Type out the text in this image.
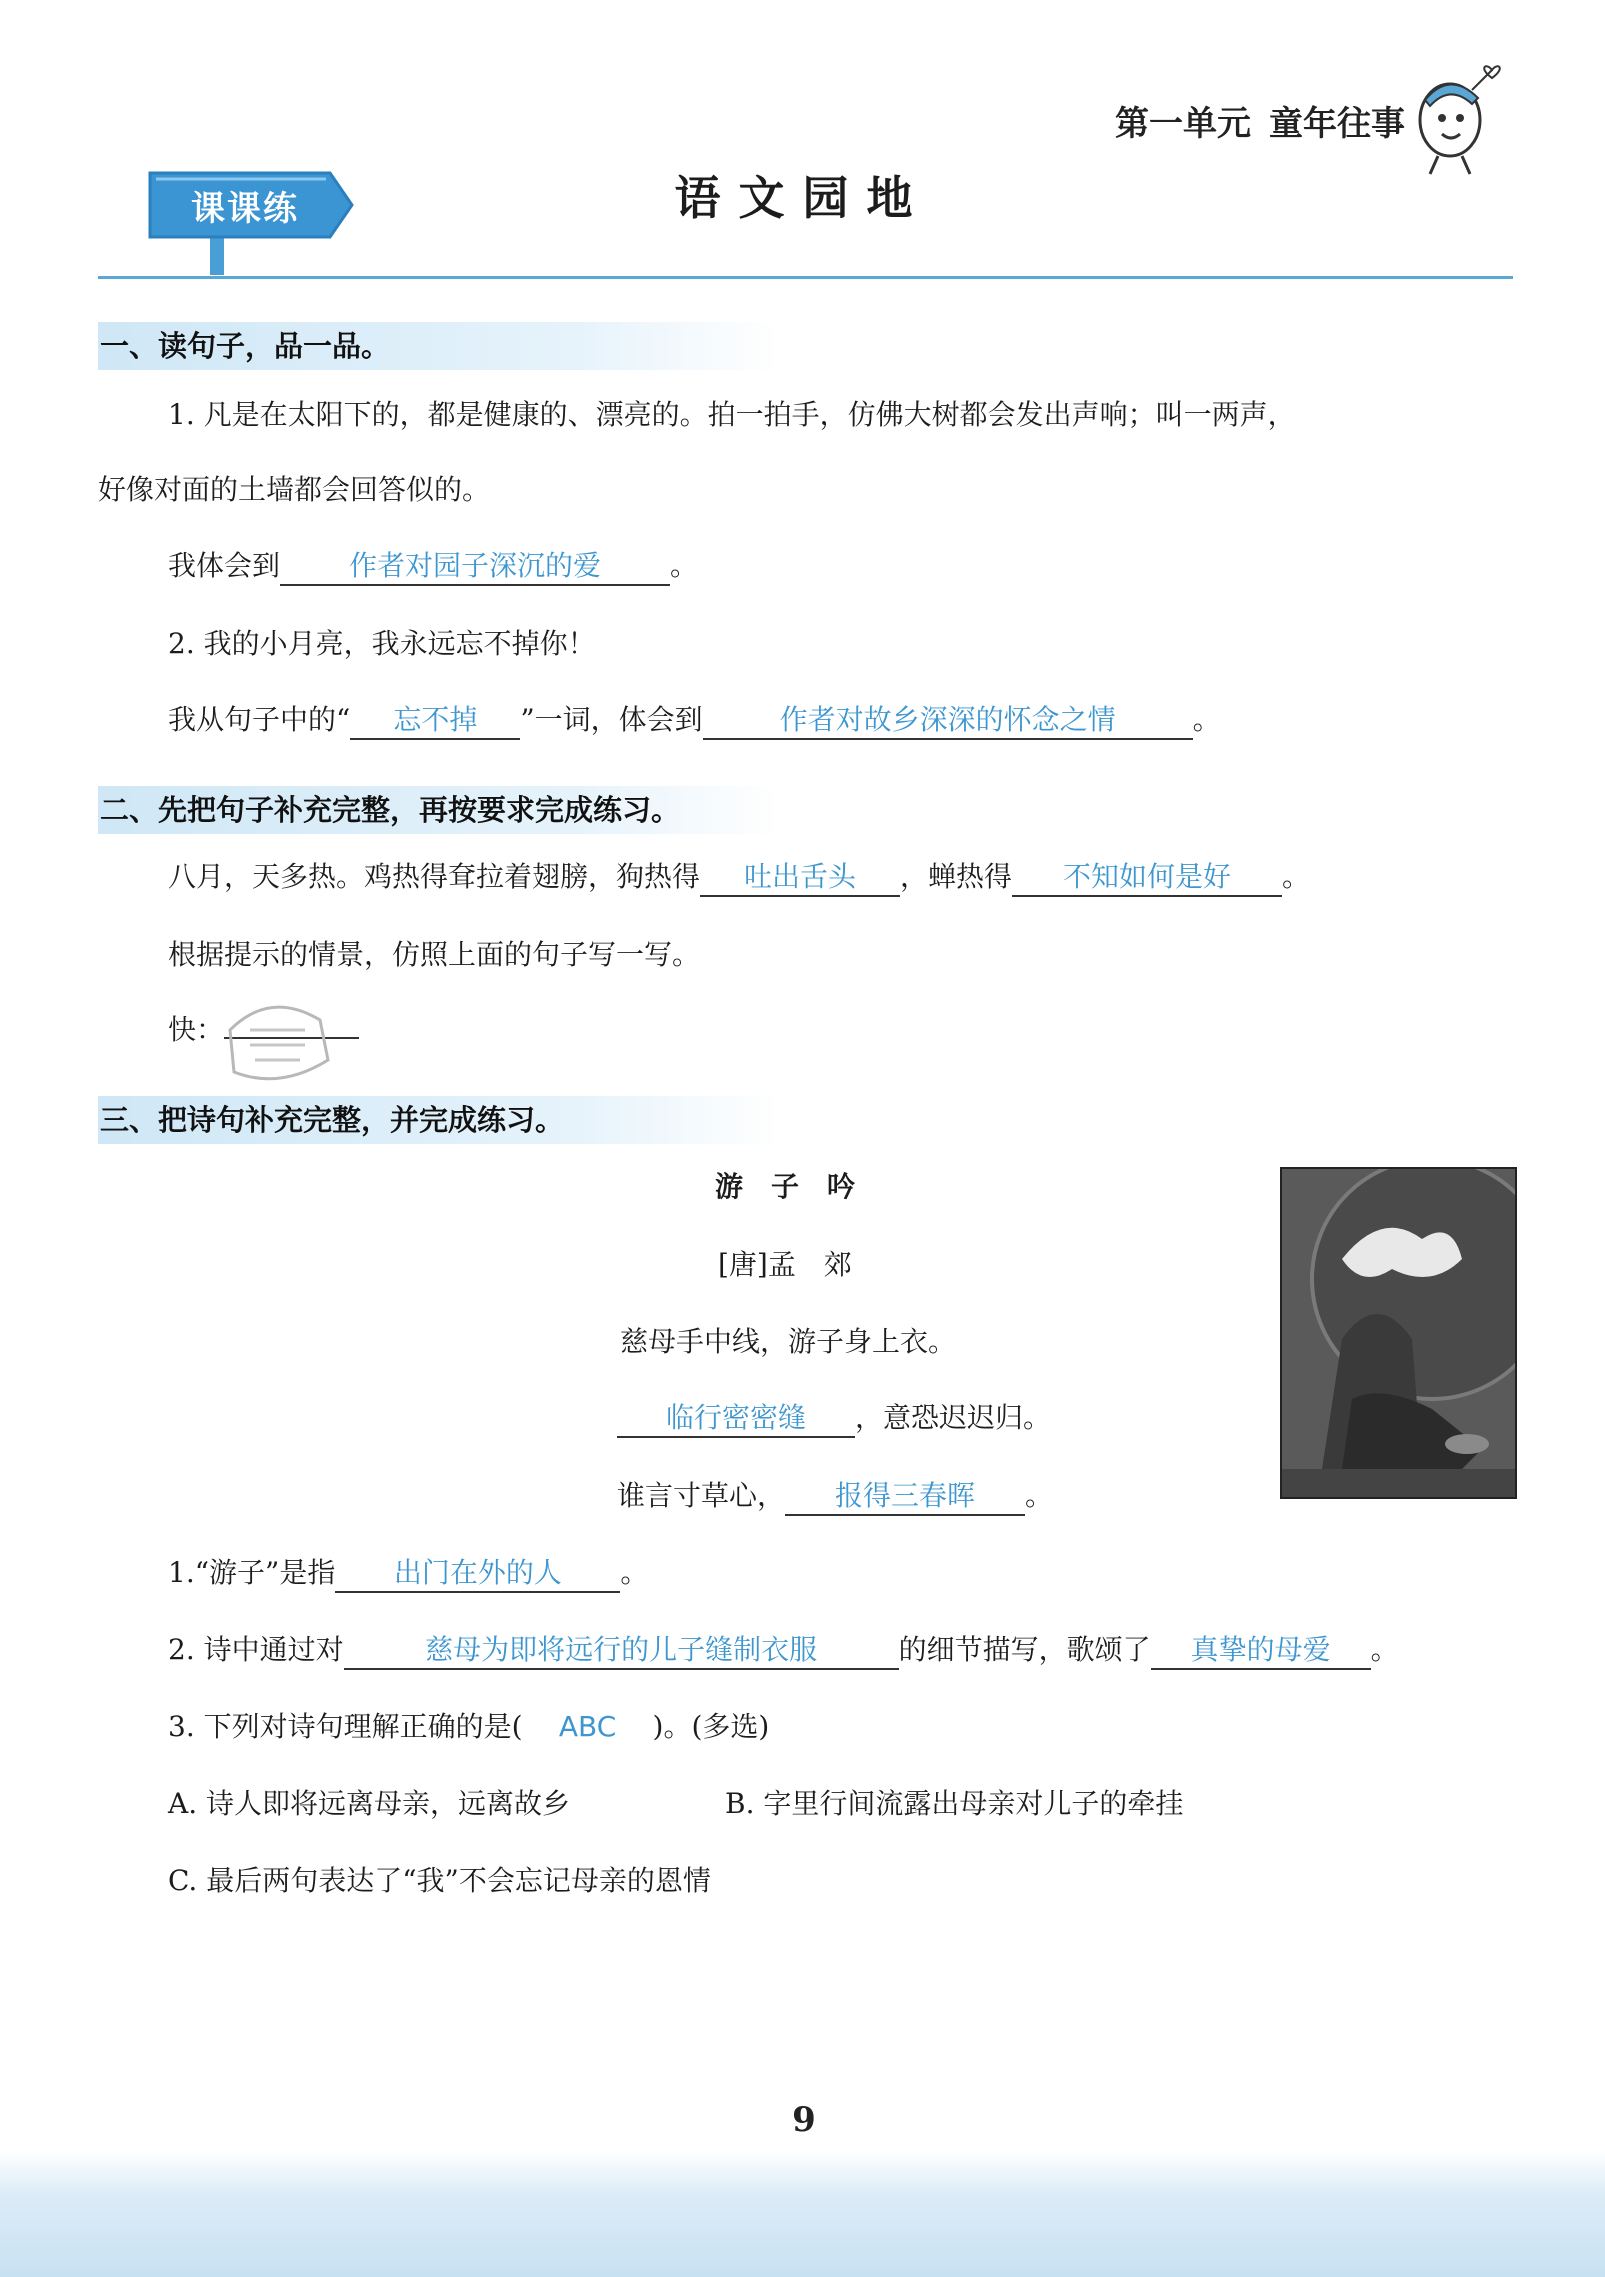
第一单元 童年往事
课课练	语文园地
一、读句子，品一品。
1. 凡是在太阳下的，都是健康的、漂亮的。拍一拍手，仿佛大树都会发出声响；叫一两声，
好像对面的土墙都会回答似的。
我体会到 作者对园子深沉的爱 。
2. 我的小月亮，我永远忘不掉你！
我从句子中的“ 忘不掉 ”一词，体会到	作者对故乡深深的怀念之情	。
二、先把句子补充完整，再按要求完成练习。
八月，天多热。鸡热得耷拉着翅膀，狗热得 吐出舌头 ，蝉热得 不知如何是好 。
根据提示的情景，仿照上面的句子写一写。
快：
三、把诗句补充完整，并完成练习。
游　子　吟
[唐]孟　郊
慈母手中线，游子身上衣。
临行密密缝 ，意恐迟迟归。
谁言寸草心， 报得三春晖 。
1.“游子”是指 出门在外的人 。
2. 诗中通过对	慈母为即将远行的儿子缝制衣服	的细节描写，歌颂了 真挚的母爱 。
3. 下列对诗句理解正确的是( ABC )。(多选)
A. 诗人即将远离母亲，远离故乡	B. 字里行间流露出母亲对儿子的牵挂
C. 最后两句表达了“我”不会忘记母亲的恩情
9
